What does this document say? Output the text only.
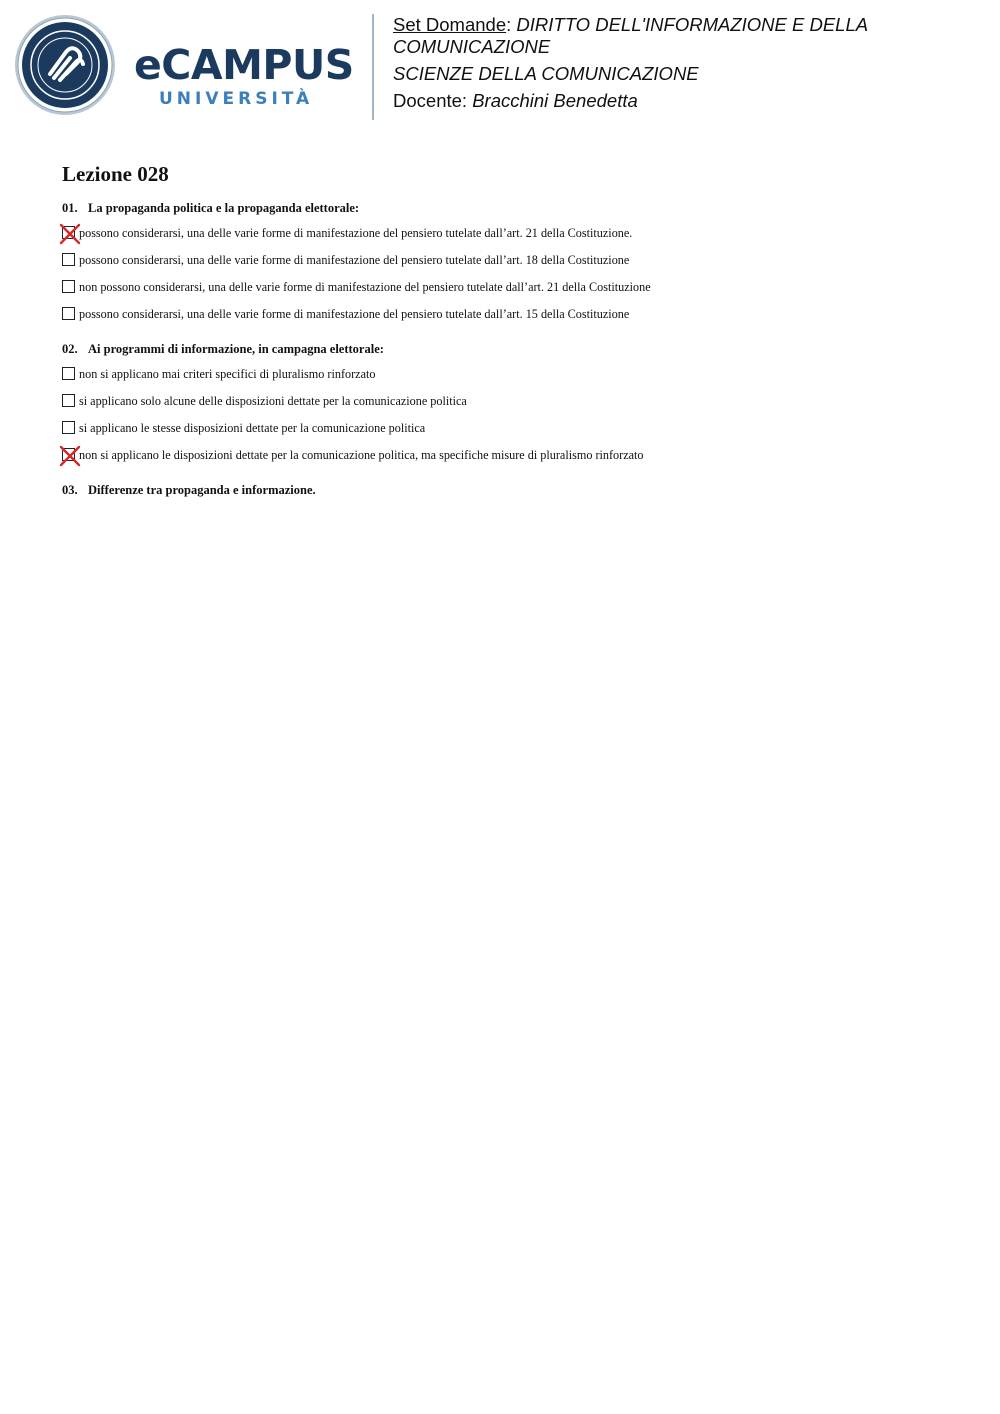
eCAMPUS
UNIVERSITÀ

Set Domande: DIRITTO DELL'INFORMAZIONE E DELLA

COMUNICAZIONE

SCIENZE DELLA COMUNICAZIONE

Docente: Bracchini Benedetta

Lezione 028

01. La propaganda politica e la propaganda elettorale:

possono considerarsi, una delle varie forme di manifestazione del pensiero tutelate dall’art. 21 della Costituzione.
possono considerarsi, una delle varie forme di manifestazione del pensiero tutelate dall’art. 18 della Costituzione
non possono considerarsi, una delle varie forme di manifestazione del pensiero tutelate dall’art. 21 della Costituzione
possono considerarsi, una delle varie forme di manifestazione del pensiero tutelate dall’art. 15 della Costituzione

02. Ai programmi di informazione, in campagna elettorale:

non si applicano mai criteri specifici di pluralismo rinforzato
si applicano solo alcune delle disposizioni dettate per la comunicazione politica
si applicano le stesse disposizioni dettate per la comunicazione politica
non si applicano le disposizioni dettate per la comunicazione politica, ma specifiche misure di pluralismo rinforzato

03. Differenze tra propaganda e informazione.
